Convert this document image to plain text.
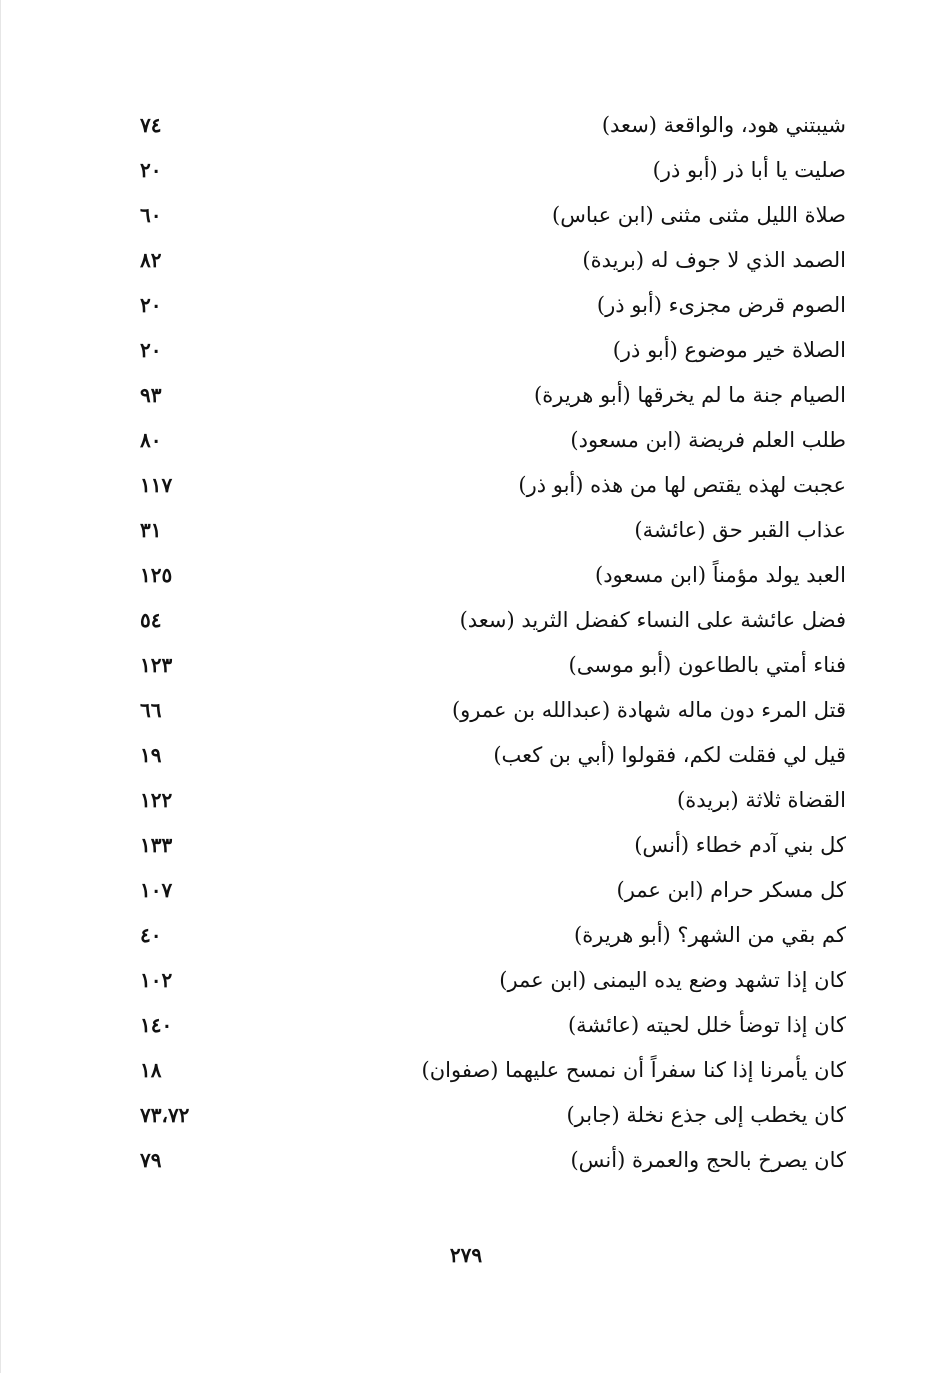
شيبتني هود، والواقعة (سعد)
٧٤
صليت يا أبا ذر (أبو ذر)
٢٠
صلاة الليل مثنى مثنى (ابن عباس)
٦٠
الصمد الذي لا جوف له (بريدة)
٨٢
الصوم قرض مجزىء (أبو ذر)
٢٠
الصلاة خير موضوع (أبو ذر)
٢٠
الصيام جنة ما لم يخرقها (أبو هريرة)
٩٣
طلب العلم فريضة (ابن مسعود)
٨٠
عجبت لهذه يقتص لها من هذه (أبو ذر)
١١٧
عذاب القبر حق (عائشة)
٣١
العبد يولد مؤمناً (ابن مسعود)
١٢٥
فضل عائشة على النساء كفضل الثريد (سعد)
٥٤
فناء أمتي بالطاعون (أبو موسى)
١٢٣
قتل المرء دون ماله شهادة (عبدالله بن عمرو)
٦٦
قيل لي فقلت لكم، فقولوا (أبي بن كعب)
١٩
القضاة ثلاثة (بريدة)
١٢٢
كل بني آدم خطاء (أنس)
١٣٣
كل مسكر حرام (ابن عمر)
١٠٧
كم بقي من الشهر؟ (أبو هريرة)
٤٠
كان إذا تشهد وضع يده اليمنى (ابن عمر)
١٠٢
كان إذا توضأ خلل لحيته (عائشة)
١٤٠
كان يأمرنا إذا كنا سفراً أن نمسح عليهما (صفوان)
١٨
كان يخطب إلى جذع نخلة (جابر)
٧٣،٧٢
كان يصرخ بالحج والعمرة (أنس)
٧٩
٢٧٩
